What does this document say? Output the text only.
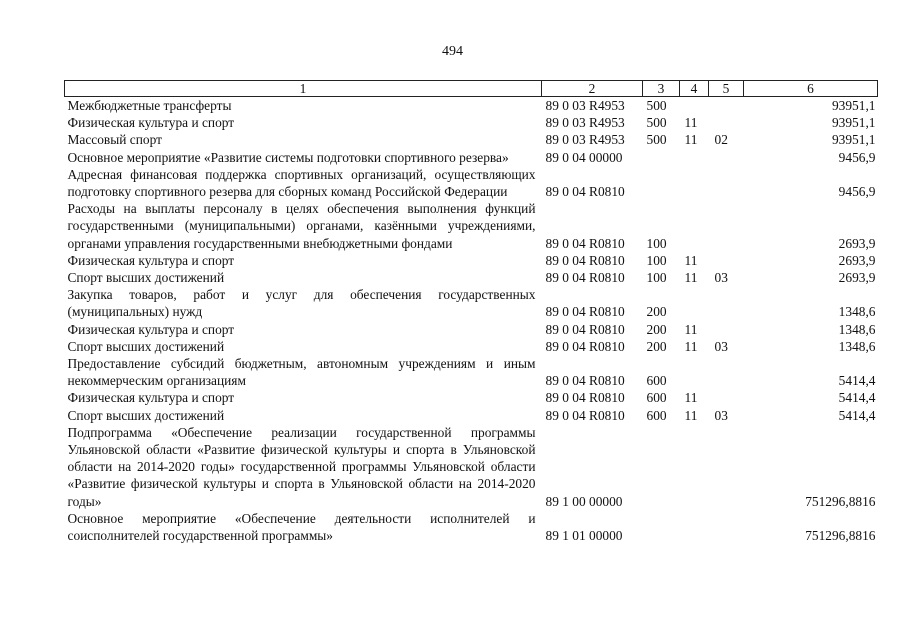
494
1	2	3	4	5	6
Межбюджетные трансферты	89 0 03 R4953	500			93951,1
Физическая культура и спорт	89 0 03 R4953	500	11		93951,1
Массовый спорт	89 0 03 R4953	500	11	02	93951,1
Основное мероприятие «Развитие системы подготовки спортивного резерва»	89 0 04 00000				9456,9
Адресная финансовая поддержка спортивных организаций, осуществляющих подготовку спортивного резерва для сборных команд Российской Федерации	89 0 04 R0810				9456,9
Расходы на выплаты персоналу в целях обеспечения выполнения функций государственными (муниципальными) органами, казёнными учреждениями, органами управления государственными внебюджетными фондами	89 0 04 R0810	100			2693,9
Физическая культура и спорт	89 0 04 R0810	100	11		2693,9
Спорт высших достижений	89 0 04 R0810	100	11	03	2693,9
Закупка товаров, работ и услуг для обеспечения государственных (муниципальных) нужд	89 0 04 R0810	200			1348,6
Физическая культура и спорт	89 0 04 R0810	200	11		1348,6
Спорт высших достижений	89 0 04 R0810	200	11	03	1348,6
Предоставление субсидий бюджетным, автономным учреждениям и иным некоммерческим организациям	89 0 04 R0810	600			5414,4
Физическая культура и спорт	89 0 04 R0810	600	11		5414,4
Спорт высших достижений	89 0 04 R0810	600	11	03	5414,4
Подпрограмма «Обеспечение реализации государственной программы Ульяновской области «Развитие физической культуры и спорта в Ульяновской области на 2014-2020 годы» государственной программы Ульяновской области «Развитие физической культуры и спорта в Ульяновской области на 2014-2020 годы»	89 1 00 00000				751296,8816
Основное мероприятие «Обеспечение деятельности исполнителей и соисполнителей государственной программы»	89 1 01 00000				751296,8816
